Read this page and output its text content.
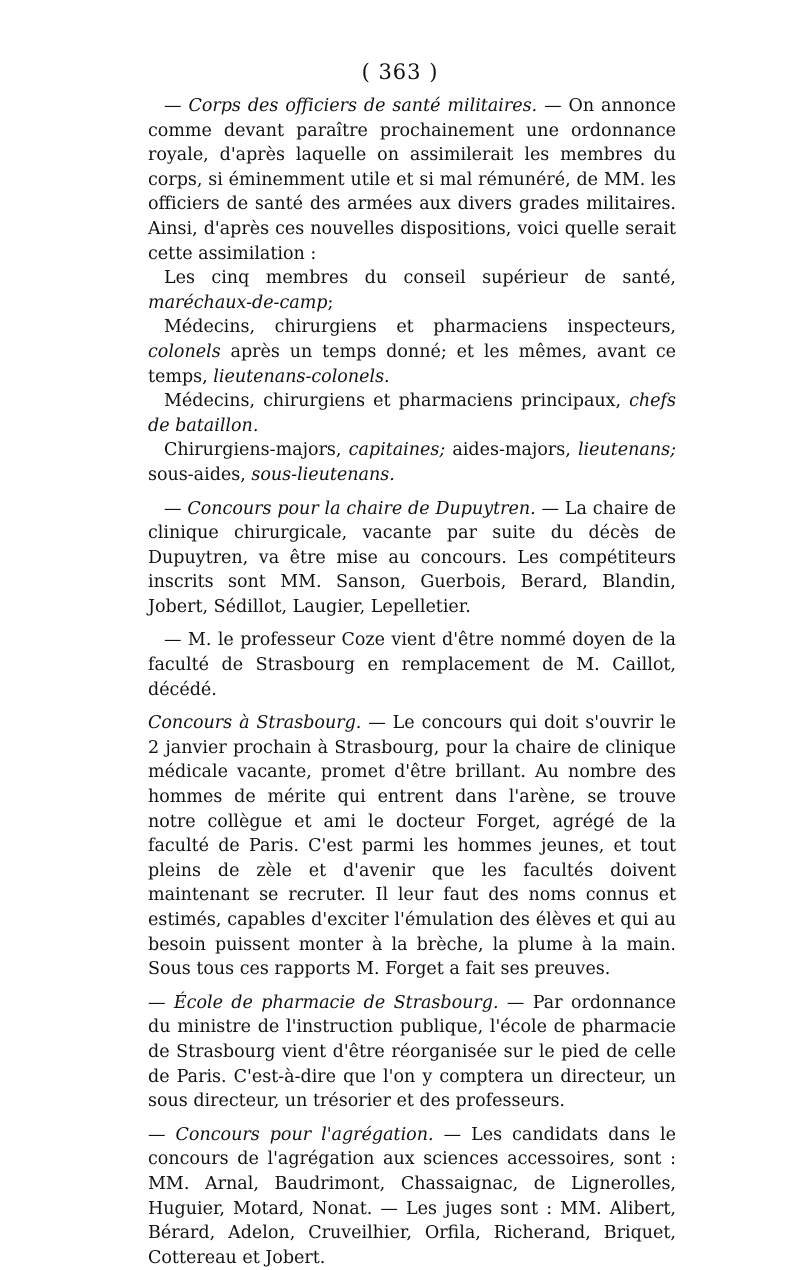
( 363 )

— Corps des officiers de santé militaires. — On annonce comme devant paraître prochainement une ordonnance royale, d'après laquelle on assimilerait les membres du corps, si éminemment utile et si mal rémunéré, de MM. les officiers de santé des armées aux divers grades militaires. Ainsi, d'après ces nouvelles dispositions, voici quelle serait cette assimilation :

Les cinq membres du conseil supérieur de santé, maréchaux-de-camp;

Médecins, chirurgiens et pharmaciens inspecteurs, colonels après un temps donné; et les mêmes, avant ce temps, lieutenans-colonels.

Médecins, chirurgiens et pharmaciens principaux, chefs de bataillon.

Chirurgiens-majors, capitaines; aides-majors, lieutenans; sous-aides, sous-lieutenans.

— Concours pour la chaire de Dupuytren. — La chaire de clinique chirurgicale, vacante par suite du décès de Dupuytren, va être mise au concours. Les compétiteurs inscrits sont MM. Sanson, Guerbois, Berard, Blandin, Jobert, Sédillot, Laugier, Lepelletier.

— M. le professeur Coze vient d'être nommé doyen de la faculté de Strasbourg en remplacement de M. Caillot, décédé.

Concours à Strasbourg. — Le concours qui doit s'ouvrir le 2 janvier prochain à Strasbourg, pour la chaire de clinique médicale vacante, promet d'être brillant. Au nombre des hommes de mérite qui entrent dans l'arène, se trouve notre collègue et ami le docteur Forget, agrégé de la faculté de Paris. C'est parmi les hommes jeunes, et tout pleins de zèle et d'avenir que les facultés doivent maintenant se recruter. Il leur faut des noms connus et estimés, capables d'exciter l'émulation des élèves et qui au besoin puissent monter à la brèche, la plume à la main. Sous tous ces rapports M. Forget a fait ses preuves.

— École de pharmacie de Strasbourg. — Par ordonnance du ministre de l'instruction publique, l'école de pharmacie de Strasbourg vient d'être réorganisée sur le pied de celle de Paris. C'est-à-dire que l'on y comptera un directeur, un sous directeur, un trésorier et des professeurs.

— Concours pour l'agrégation. — Les candidats dans le concours de l'agrégation aux sciences accessoires, sont : MM. Arnal, Baudrimont, Chassaignac, de Lignerolles, Huguier, Motard, Nonat. — Les juges sont : MM. Alibert, Bérard, Adelon, Cruveilhier, Orfila, Richerand, Briquet, Cottereau et Jobert.
